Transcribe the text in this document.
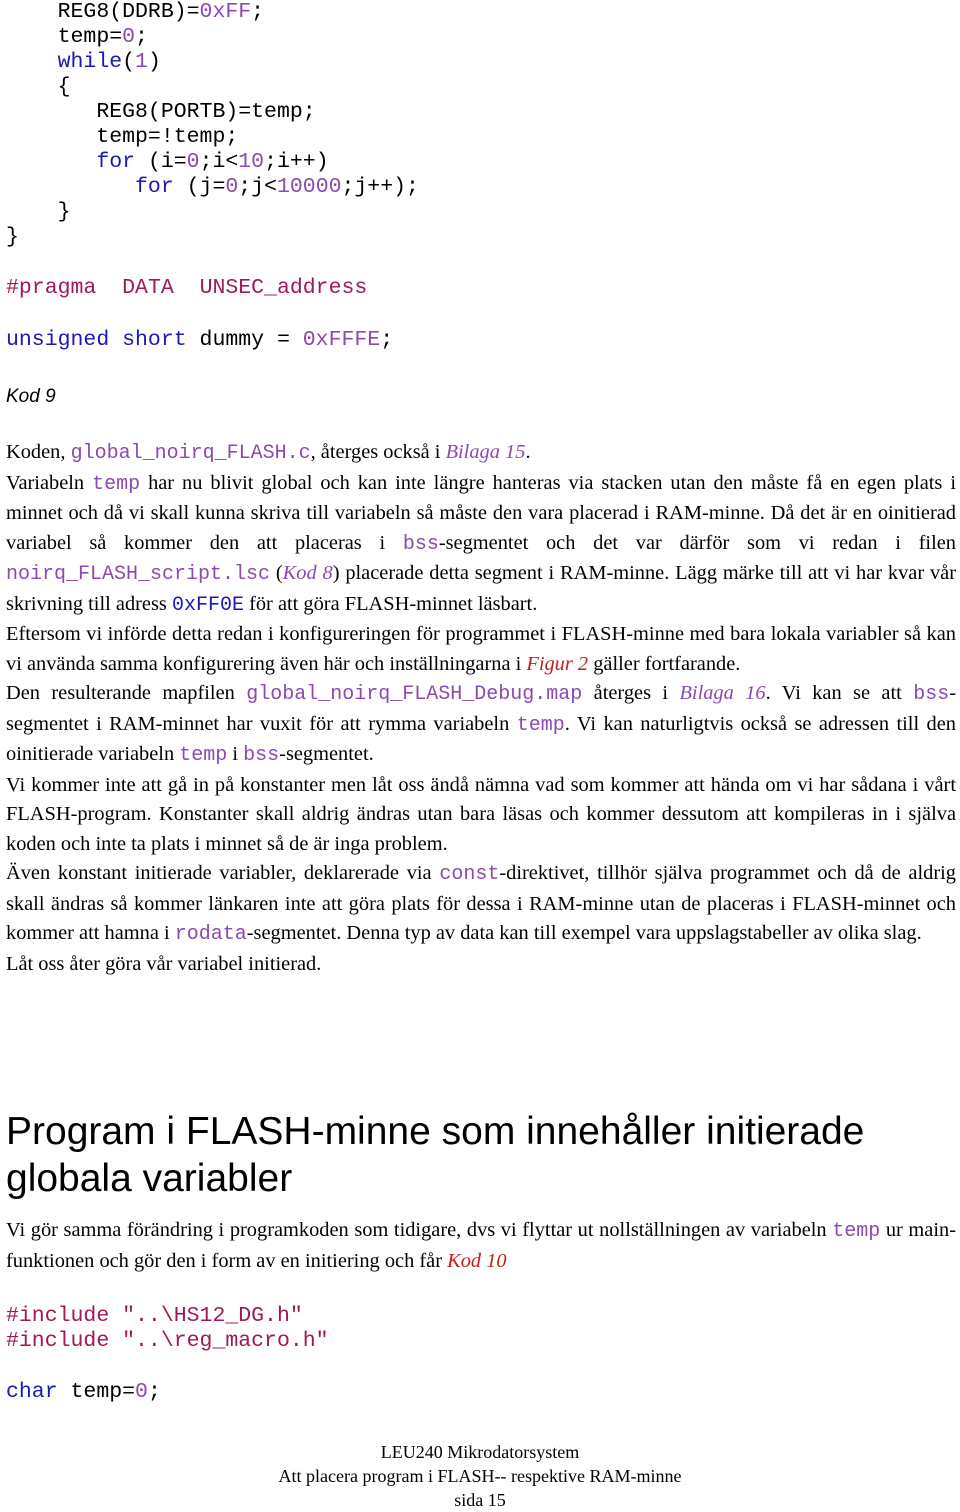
REG8(DDRB)=0xFF;
temp=0;
while(1)
{
REG8(PORTB)=temp;
temp=!temp;
for (i=0;i<10;i++)
for (j=0;j<10000;j++);
}
}
#pragma DATA UNSEC_address
unsigned short dummy = 0xFFFE;
Kod 9

Koden, global_noirq_FLASH.c, återges också i Bilaga 15.

Variabeln temp har nu blivit global och kan inte längre hanteras via stacken utan den måste få en egen plats i minnet och då vi skall kunna skriva till variabeln så måste den vara placerad i RAM-minne. Då det är en oinitierad variabel så kommer den att placeras i bss-segmentet och det var därför som vi redan i filen noirq_FLASH_script.lsc (Kod 8) placerade detta segment i RAM-minne. Lägg märke till att vi har kvar vår skrivning till adress 0xFF0E för att göra FLASH-minnet läsbart.

Eftersom vi införde detta redan i konfigureringen för programmet i FLASH-minne med bara lokala variabler så kan vi använda samma konfigurering även här och inställningarna i Figur 2 gäller fortfarande.

Den resulterande mapfilen global_noirq_FLASH_Debug.map återges i Bilaga 16. Vi kan se att bss-segmentet i RAM-minnet har vuxit för att rymma variabeln temp. Vi kan naturligtvis också se adressen till den oinitierade variabeln temp i bss-segmentet.

Vi kommer inte att gå in på konstanter men låt oss ändå nämna vad som kommer att hända om vi har sådana i vårt FLASH-program. Konstanter skall aldrig ändras utan bara läsas och kommer dessutom att kompileras in i själva koden och inte ta plats i minnet så de är inga problem.

Även konstant initierade variabler, deklarerade via const-direktivet, tillhör själva programmet och då de aldrig skall ändras så kommer länkaren inte att göra plats för dessa i RAM-minne utan de placeras i FLASH-minnet och kommer att hamna i rodata-segmentet. Denna typ av data kan till exempel vara uppslagstabeller av olika slag.

Låt oss åter göra vår variabel initierad.

Program i FLASH-minne som innehåller initierade globala variabler

Vi gör samma förändring i programkoden som tidigare, dvs vi flyttar ut nollställningen av variabeln temp ur main-funktionen och gör den i form av en initiering och får Kod 10

#include "..\HS12_DG.h"
#include "..\reg_macro.h"
char temp=0;
LEU240 Mikrodatorsystem
Att placera program i FLASH-- respektive RAM-minne
sida 15
